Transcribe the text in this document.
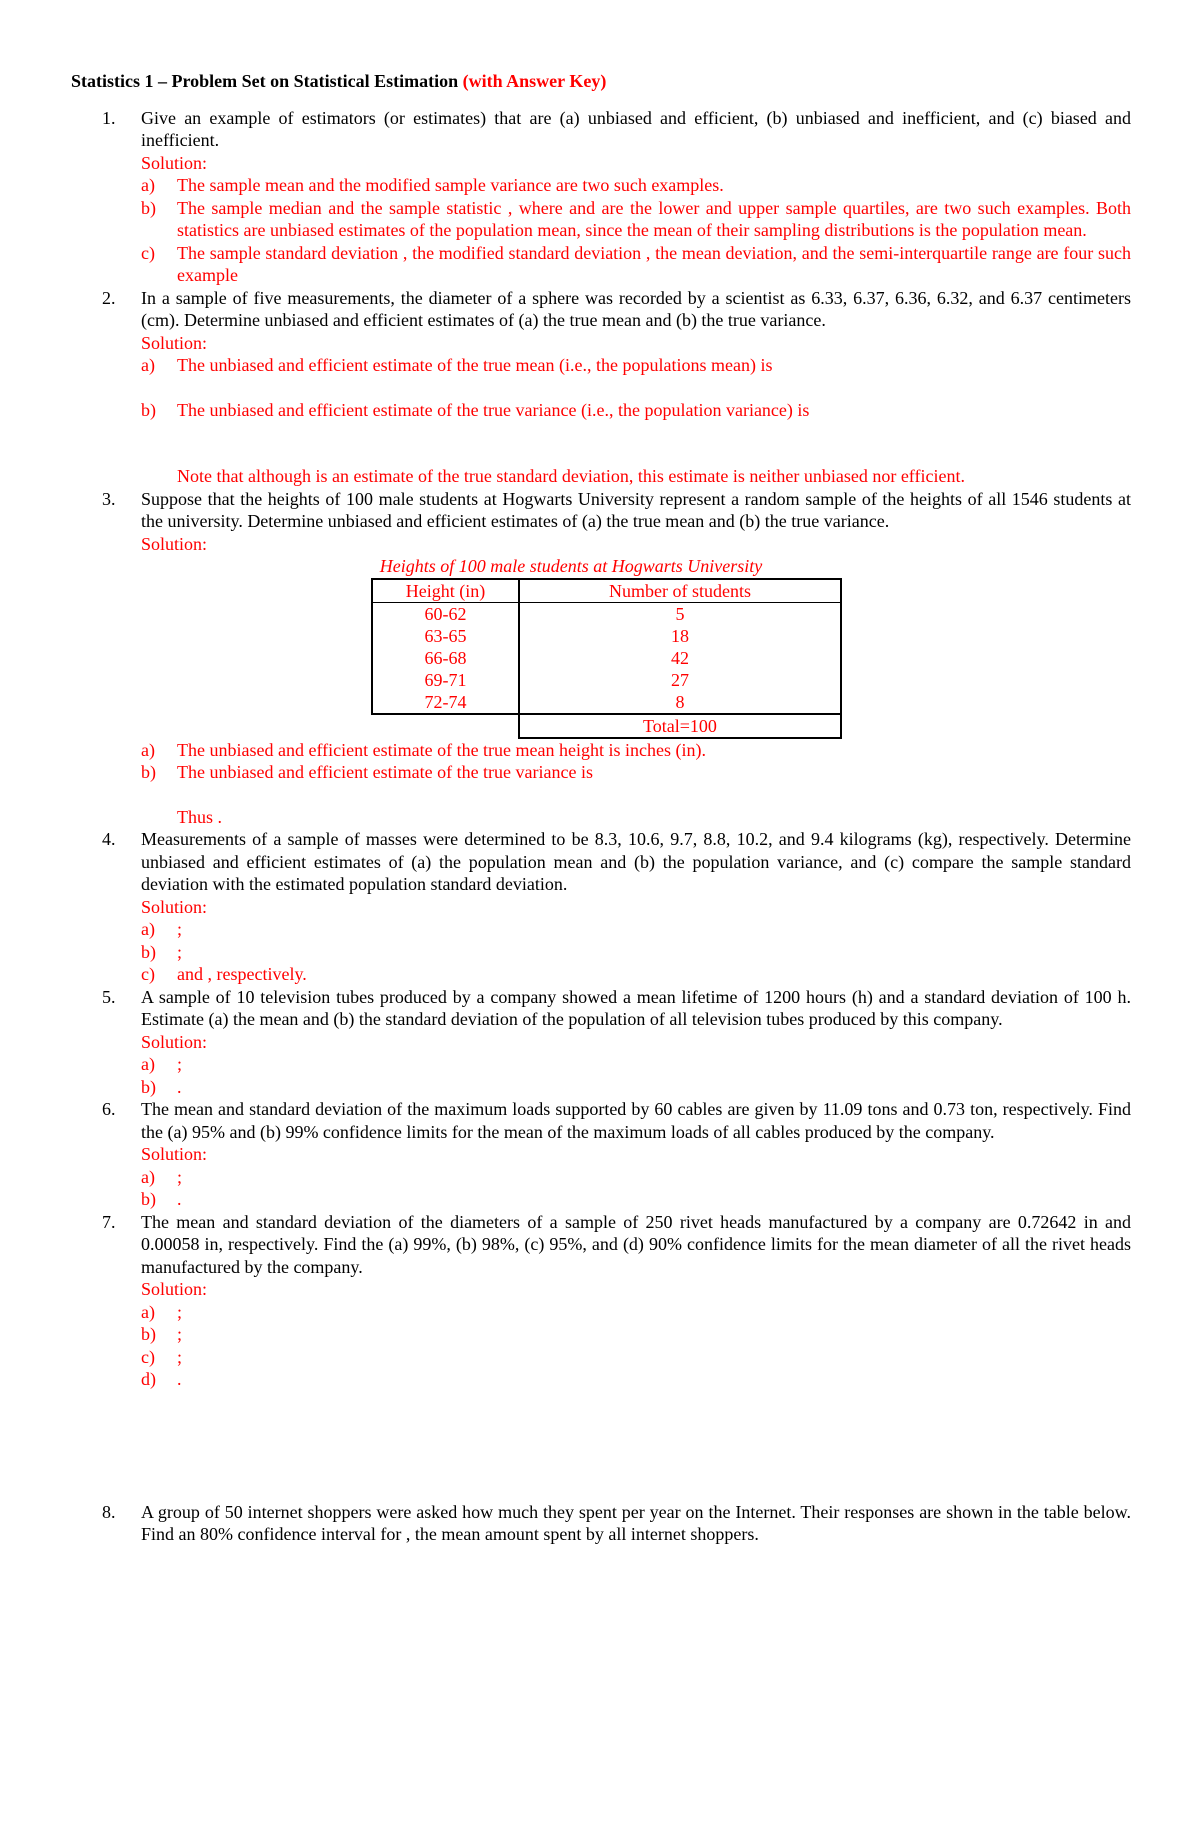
Statistics 1 – Problem Set on Statistical Estimation (with Answer Key)
1. Give an example of estimators (or estimates) that are (a) unbiased and efficient, (b) unbiased and inefficient, and (c) biased and inefficient.
Solution:
a) The sample mean and the modified sample variance are two such examples.
b) The sample median and the sample statistic , where and are the lower and upper sample quartiles, are two such examples. Both statistics are unbiased estimates of the population mean, since the mean of their sampling distributions is the population mean.
c) The sample standard deviation , the modified standard deviation , the mean deviation, and the semi-interquartile range are four such example
2. In a sample of five measurements, the diameter of a sphere was recorded by a scientist as 6.33, 6.37, 6.36, 6.32, and 6.37 centimeters (cm). Determine unbiased and efficient estimates of (a) the true mean and (b) the true variance.
Solution:
a) The unbiased and efficient estimate of the true mean (i.e., the populations mean) is
b) The unbiased and efficient estimate of the true variance (i.e., the population variance) is
Note that although is an estimate of the true standard deviation, this estimate is neither unbiased nor efficient.
3. Suppose that the heights of 100 male students at Hogwarts University represent a random sample of the heights of all 1546 students at the university. Determine unbiased and efficient estimates of (a) the true mean and (b) the true variance.
Solution:
Heights of 100 male students at Hogwarts University
Height (in)	Number of students
60-62	5
63-65	18
66-68	42
69-71	27
72-74	8
	Total=100
a) The unbiased and efficient estimate of the true mean height is inches (in).
b) The unbiased and efficient estimate of the true variance is
Thus .
4. Measurements of a sample of masses were determined to be 8.3, 10.6, 9.7, 8.8, 10.2, and 9.4 kilograms (kg), respectively. Determine unbiased and efficient estimates of (a) the population mean and (b) the population variance, and (c) compare the sample standard deviation with the estimated population standard deviation.
Solution:
a) ;
b) ;
c) and , respectively.
5. A sample of 10 television tubes produced by a company showed a mean lifetime of 1200 hours (h) and a standard deviation of 100 h. Estimate (a) the mean and (b) the standard deviation of the population of all television tubes produced by this company.
Solution:
a) ;
b) .
6. The mean and standard deviation of the maximum loads supported by 60 cables are given by 11.09 tons and 0.73 ton, respectively. Find the (a) 95% and (b) 99% confidence limits for the mean of the maximum loads of all cables produced by the company.
Solution:
a) ;
b) .
7. The mean and standard deviation of the diameters of a sample of 250 rivet heads manufactured by a company are 0.72642 in and 0.00058 in, respectively. Find the (a) 99%, (b) 98%, (c) 95%, and (d) 90% confidence limits for the mean diameter of all the rivet heads manufactured by the company.
Solution:
a) ;
b) ;
c) ;
d) .
8. A group of 50 internet shoppers were asked how much they spent per year on the Internet. Their responses are shown in the table below. Find an 80% confidence interval for , the mean amount spent by all internet shoppers.
